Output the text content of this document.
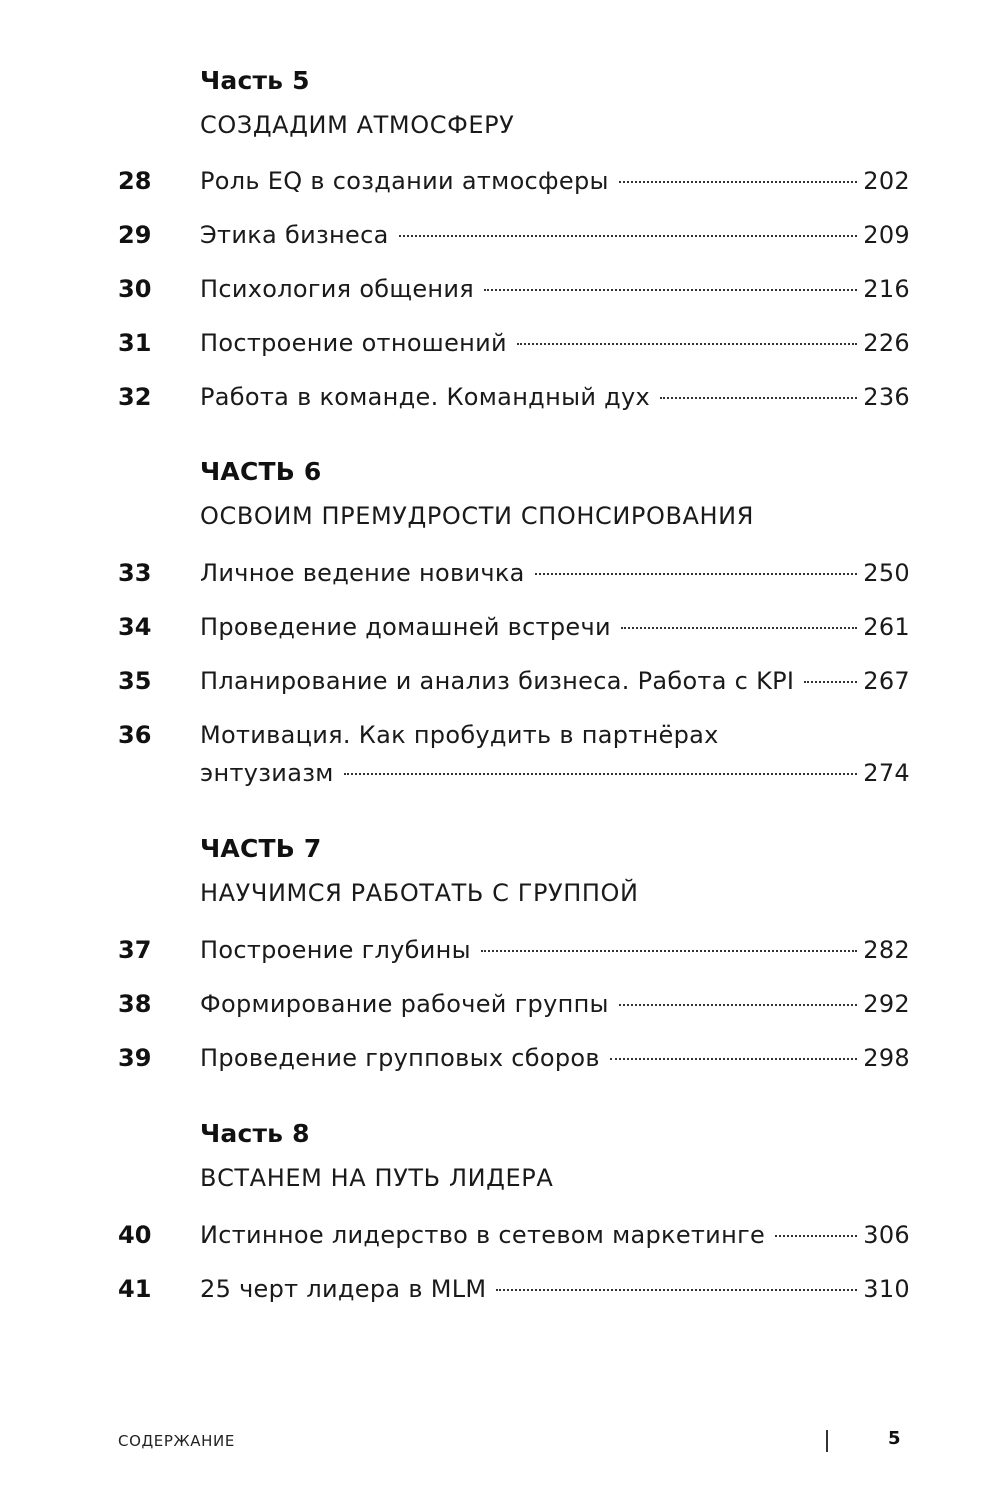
Часть 5
СОЗДАДИМ АТМОСФЕРУ
28	Роль EQ в создании атмосферы	202
29	Этика бизнеса	209
30	Психология общения	216
31	Построение отношений	226
32	Работа в команде. Командный дух	236
ЧАСТЬ 6
ОСВОИМ ПРЕМУДРОСТИ СПОНСИРОВАНИЯ
33	Личное ведение новичка	250
34	Проведение домашней встречи	261
35	Планирование и анализ бизнеса. Работа с KPI	267
36	Мотивация. Как пробудить в партнёрах
энтузиазм	274
ЧАСТЬ 7
НАУЧИМСЯ РАБОТАТЬ С ГРУППОЙ
37	Построение глубины	282
38	Формирование рабочей группы	292
39	Проведение групповых сборов	298
Часть 8
ВСТАНЕМ НА ПУТЬ ЛИДЕРА
40	Истинное лидерство в сетевом маркетинге	306
41	25 черт лидера в MLM	310
СОДЕРЖАНИЕ	5
